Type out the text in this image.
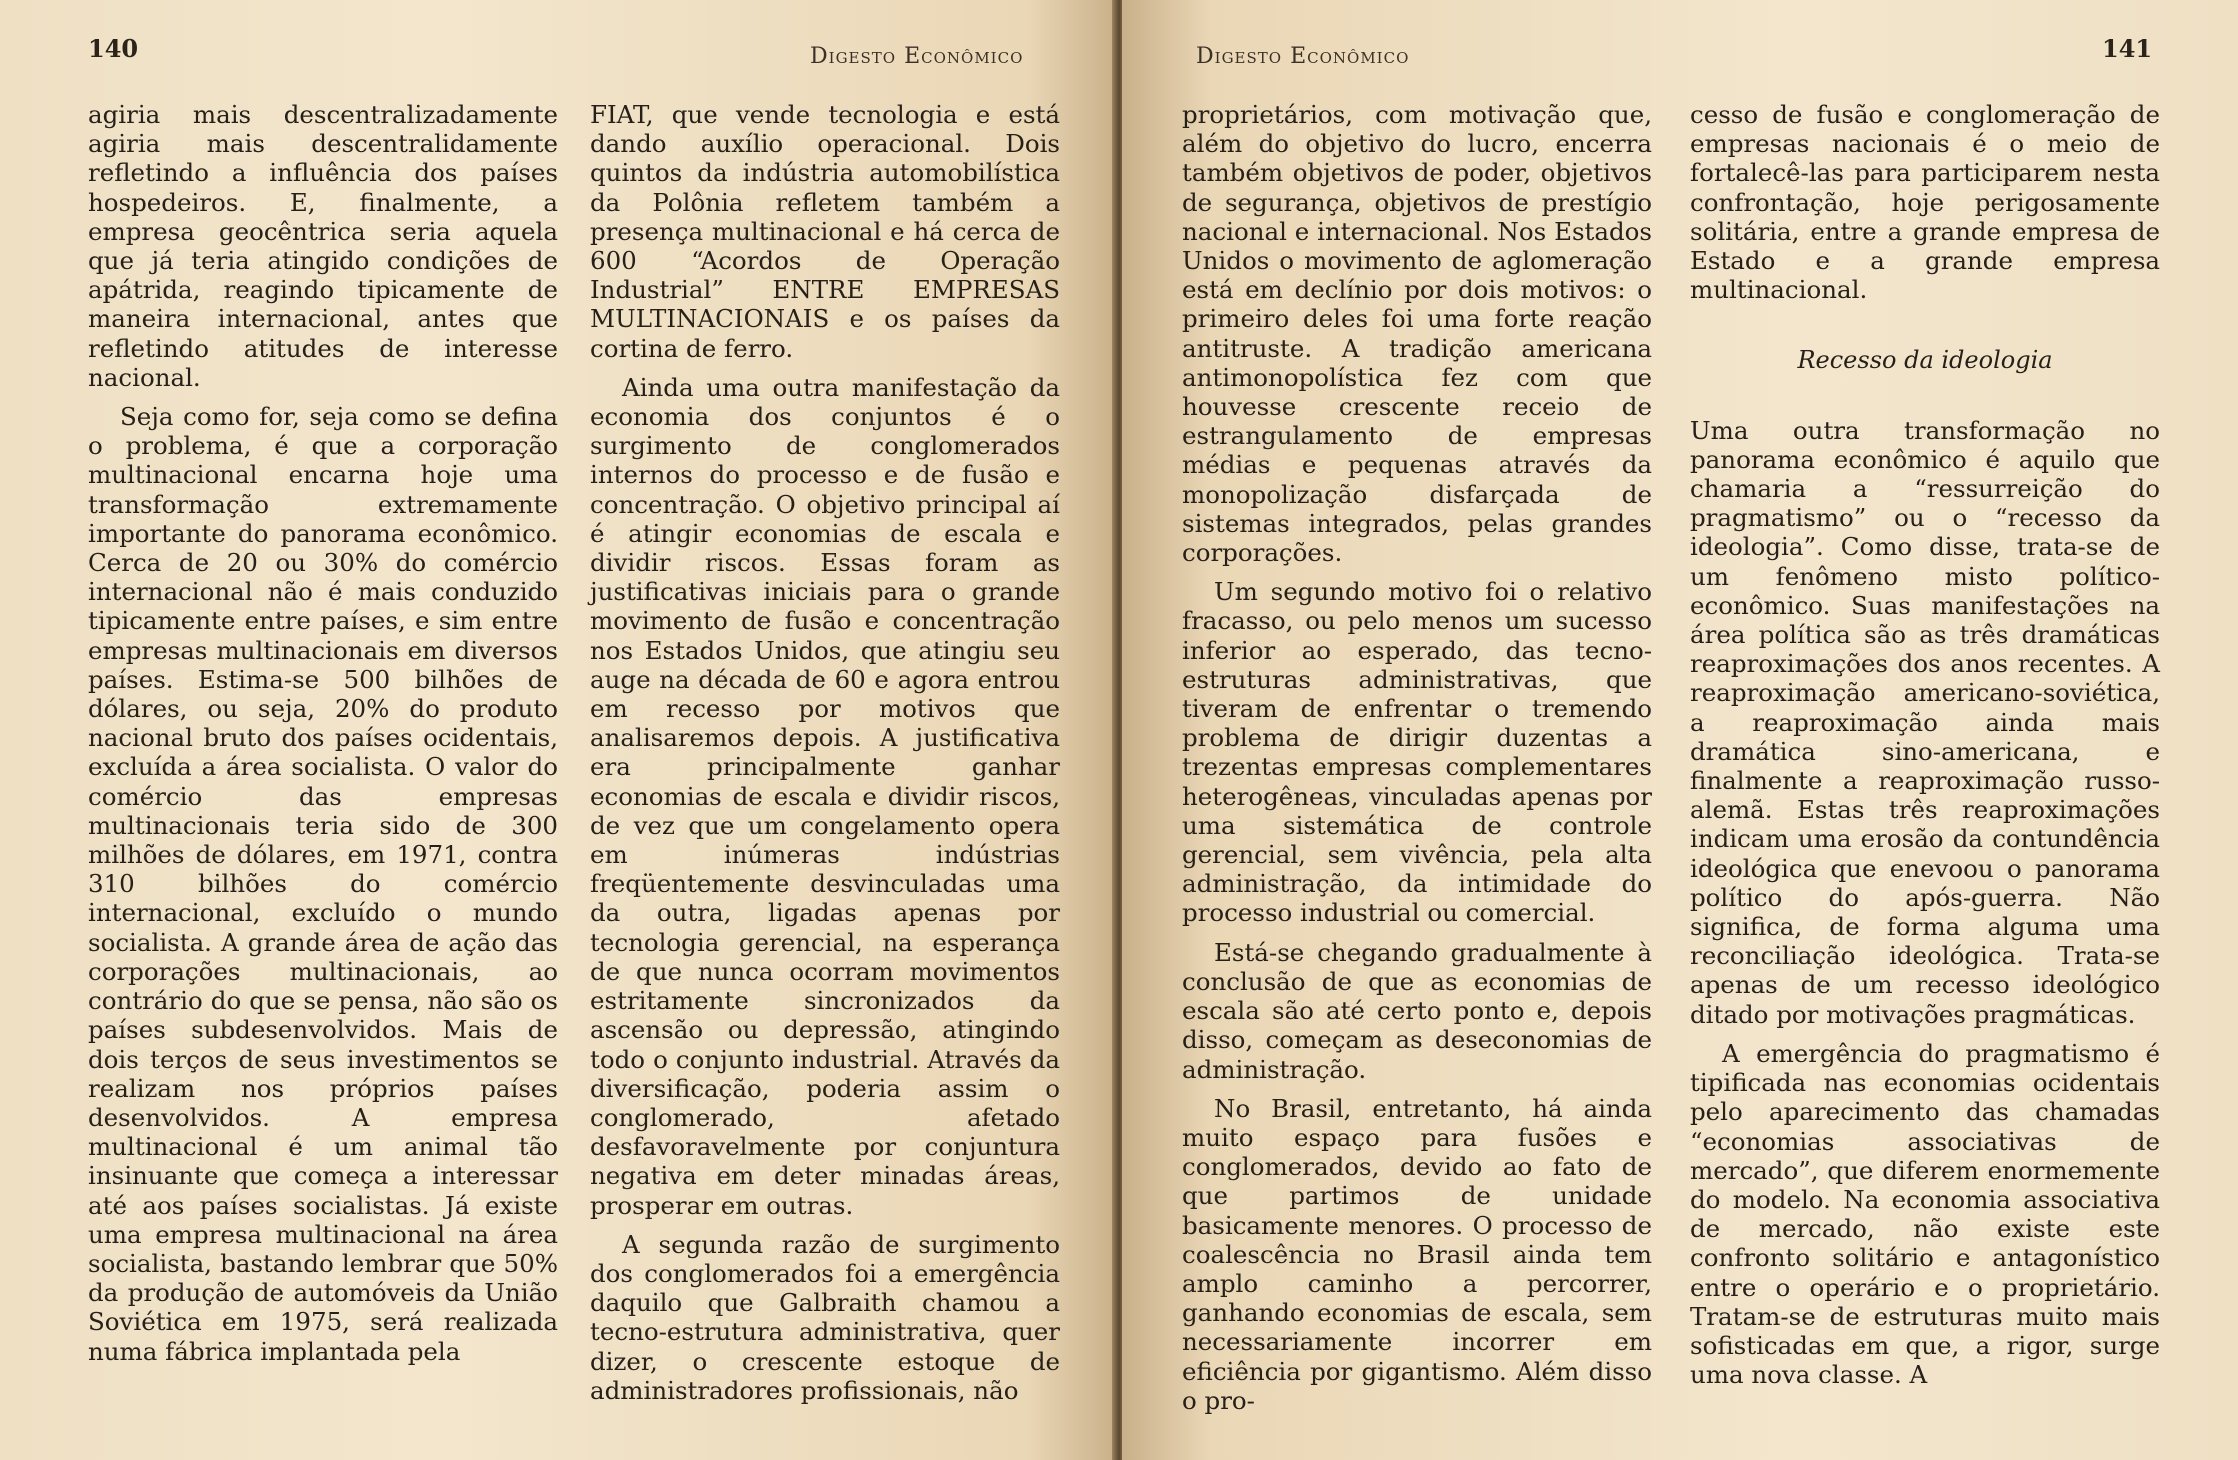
140	Digesto Econômico

agiria mais descentralizadamente agiria mais descentralidamente refletindo a influência dos países hospedeiros. E, finalmente, a empresa geocêntrica seria aquela que já teria atingido condições de apátrida, reagindo tipicamente de maneira internacional, antes que refletindo atitudes de interesse nacional.

Seja como for, seja como se defina o problema, é que a corporação multinacional encarna hoje uma transformação extremamente importante do panorama econômico. Cerca de 20 ou 30% do comércio internacional não é mais conduzido tipicamente entre países, e sim entre empresas multinacionais em diversos países. Estima-se 500 bilhões de dólares, ou seja, 20% do produto nacional bruto dos países ocidentais, excluída a área socialista. O valor do comércio das empresas multinacionais teria sido de 300 milhões de dólares, em 1971, contra 310 bilhões do comércio internacional, excluído o mundo socialista. A grande área de ação das corporações multinacionais, ao contrário do que se pensa, não são os países subdesenvolvidos. Mais de dois terços de seus investimentos se realizam nos próprios países desenvolvidos. A empresa multinacional é um animal tão insinuante que começa a interessar até aos países socialistas. Já existe uma empresa multinacional na área socialista, bastando lembrar que 50% da produção de automóveis da União Soviética em 1975, será realizada numa fábrica implantada pela

FIAT, que vende tecnologia e está dando auxílio operacional. Dois quintos da indústria automobilística da Polônia refletem também a presença multinacional e há cerca de 600 “Acordos de Operação Industrial” ENTRE EMPRESAS MULTINACIONAIS e os países da cortina de ferro.

Ainda uma outra manifestação da economia dos conjuntos é o surgimento de conglomerados internos do processo e de fusão e concentração. O objetivo principal aí é atingir economias de escala e dividir riscos. Essas foram as justificativas iniciais para o grande movimento de fusão e concentração nos Estados Unidos, que atingiu seu auge na década de 60 e agora entrou em recesso por motivos que analisaremos depois. A justificativa era principalmente ganhar economias de escala e dividir riscos, de vez que um congelamento opera em inúmeras indústrias freqüentemente desvinculadas uma da outra, ligadas apenas por tecnologia gerencial, na esperança de que nunca ocorram movimentos estritamente sincronizados da ascensão ou depressão, atingindo todo o conjunto industrial. Através da diversificação, poderia assim o conglomerado, afetado desfavoravelmente por conjuntura negativa em deter minadas áreas, prosperar em outras.

A segunda razão de surgimento dos conglomerados foi a emergência daquilo que Galbraith chamou a tecno-estrutura administrativa, quer dizer, o crescente estoque de administradores profissionais, não

Digesto Econômico	141

proprietários, com motivação que, além do objetivo do lucro, encerra também objetivos de poder, objetivos de segurança, objetivos de prestígio nacional e internacional. Nos Estados Unidos o movimento de aglomeração está em declínio por dois motivos: o primeiro deles foi uma forte reação antitruste. A tradição americana antimonopolística fez com que houvesse crescente receio de estrangulamento de empresas médias e pequenas através da monopolização disfarçada de sistemas integrados, pelas grandes corporações.

Um segundo motivo foi o relativo fracasso, ou pelo menos um sucesso inferior ao esperado, das tecno-estruturas administrativas, que tiveram de enfrentar o tremendo problema de dirigir duzentas a trezentas empresas complementares heterogêneas, vinculadas apenas por uma sistemática de controle gerencial, sem vivência, pela alta administração, da intimidade do processo industrial ou comercial.

Está-se chegando gradualmente à conclusão de que as economias de escala são até certo ponto e, depois disso, começam as deseconomias de administração.

No Brasil, entretanto, há ainda muito espaço para fusões e conglomerados, devido ao fato de que partimos de unidade basicamente menores. O processo de coalescência no Brasil ainda tem amplo caminho a percorrer, ganhando economias de escala, sem necessariamente incorrer em eficiência por gigantismo. Além disso o pro-

cesso de fusão e conglomeração de empresas nacionais é o meio de fortalecê-las para participarem nesta confrontação, hoje perigosamente solitária, entre a grande empresa de Estado e a grande empresa multinacional.

Recesso da ideologia

Uma outra transformação no panorama econômico é aquilo que chamaria a “ressurreição do pragmatismo” ou o “recesso da ideologia”. Como disse, trata-se de um fenômeno misto político-econômico. Suas manifestações na área política são as três dramáticas reaproximações dos anos recentes. A reaproximação americano-soviética, a reaproximação ainda mais dramática sino-americana, e finalmente a reaproximação russo-alemã. Estas três reaproximações indicam uma erosão da contundência ideológica que enevoou o panorama político do após-guerra. Não significa, de forma alguma uma reconciliação ideológica. Trata-se apenas de um recesso ideológico ditado por motivações pragmáticas.

A emergência do pragmatismo é tipificada nas economias ocidentais pelo aparecimento das chamadas “economias associativas de mercado”, que diferem enormemente do modelo. Na economia associativa de mercado, não existe este confronto solitário e antagonístico entre o operário e o proprietário. Tratam-se de estruturas muito mais sofisticadas em que, a rigor, surge uma nova classe. A
